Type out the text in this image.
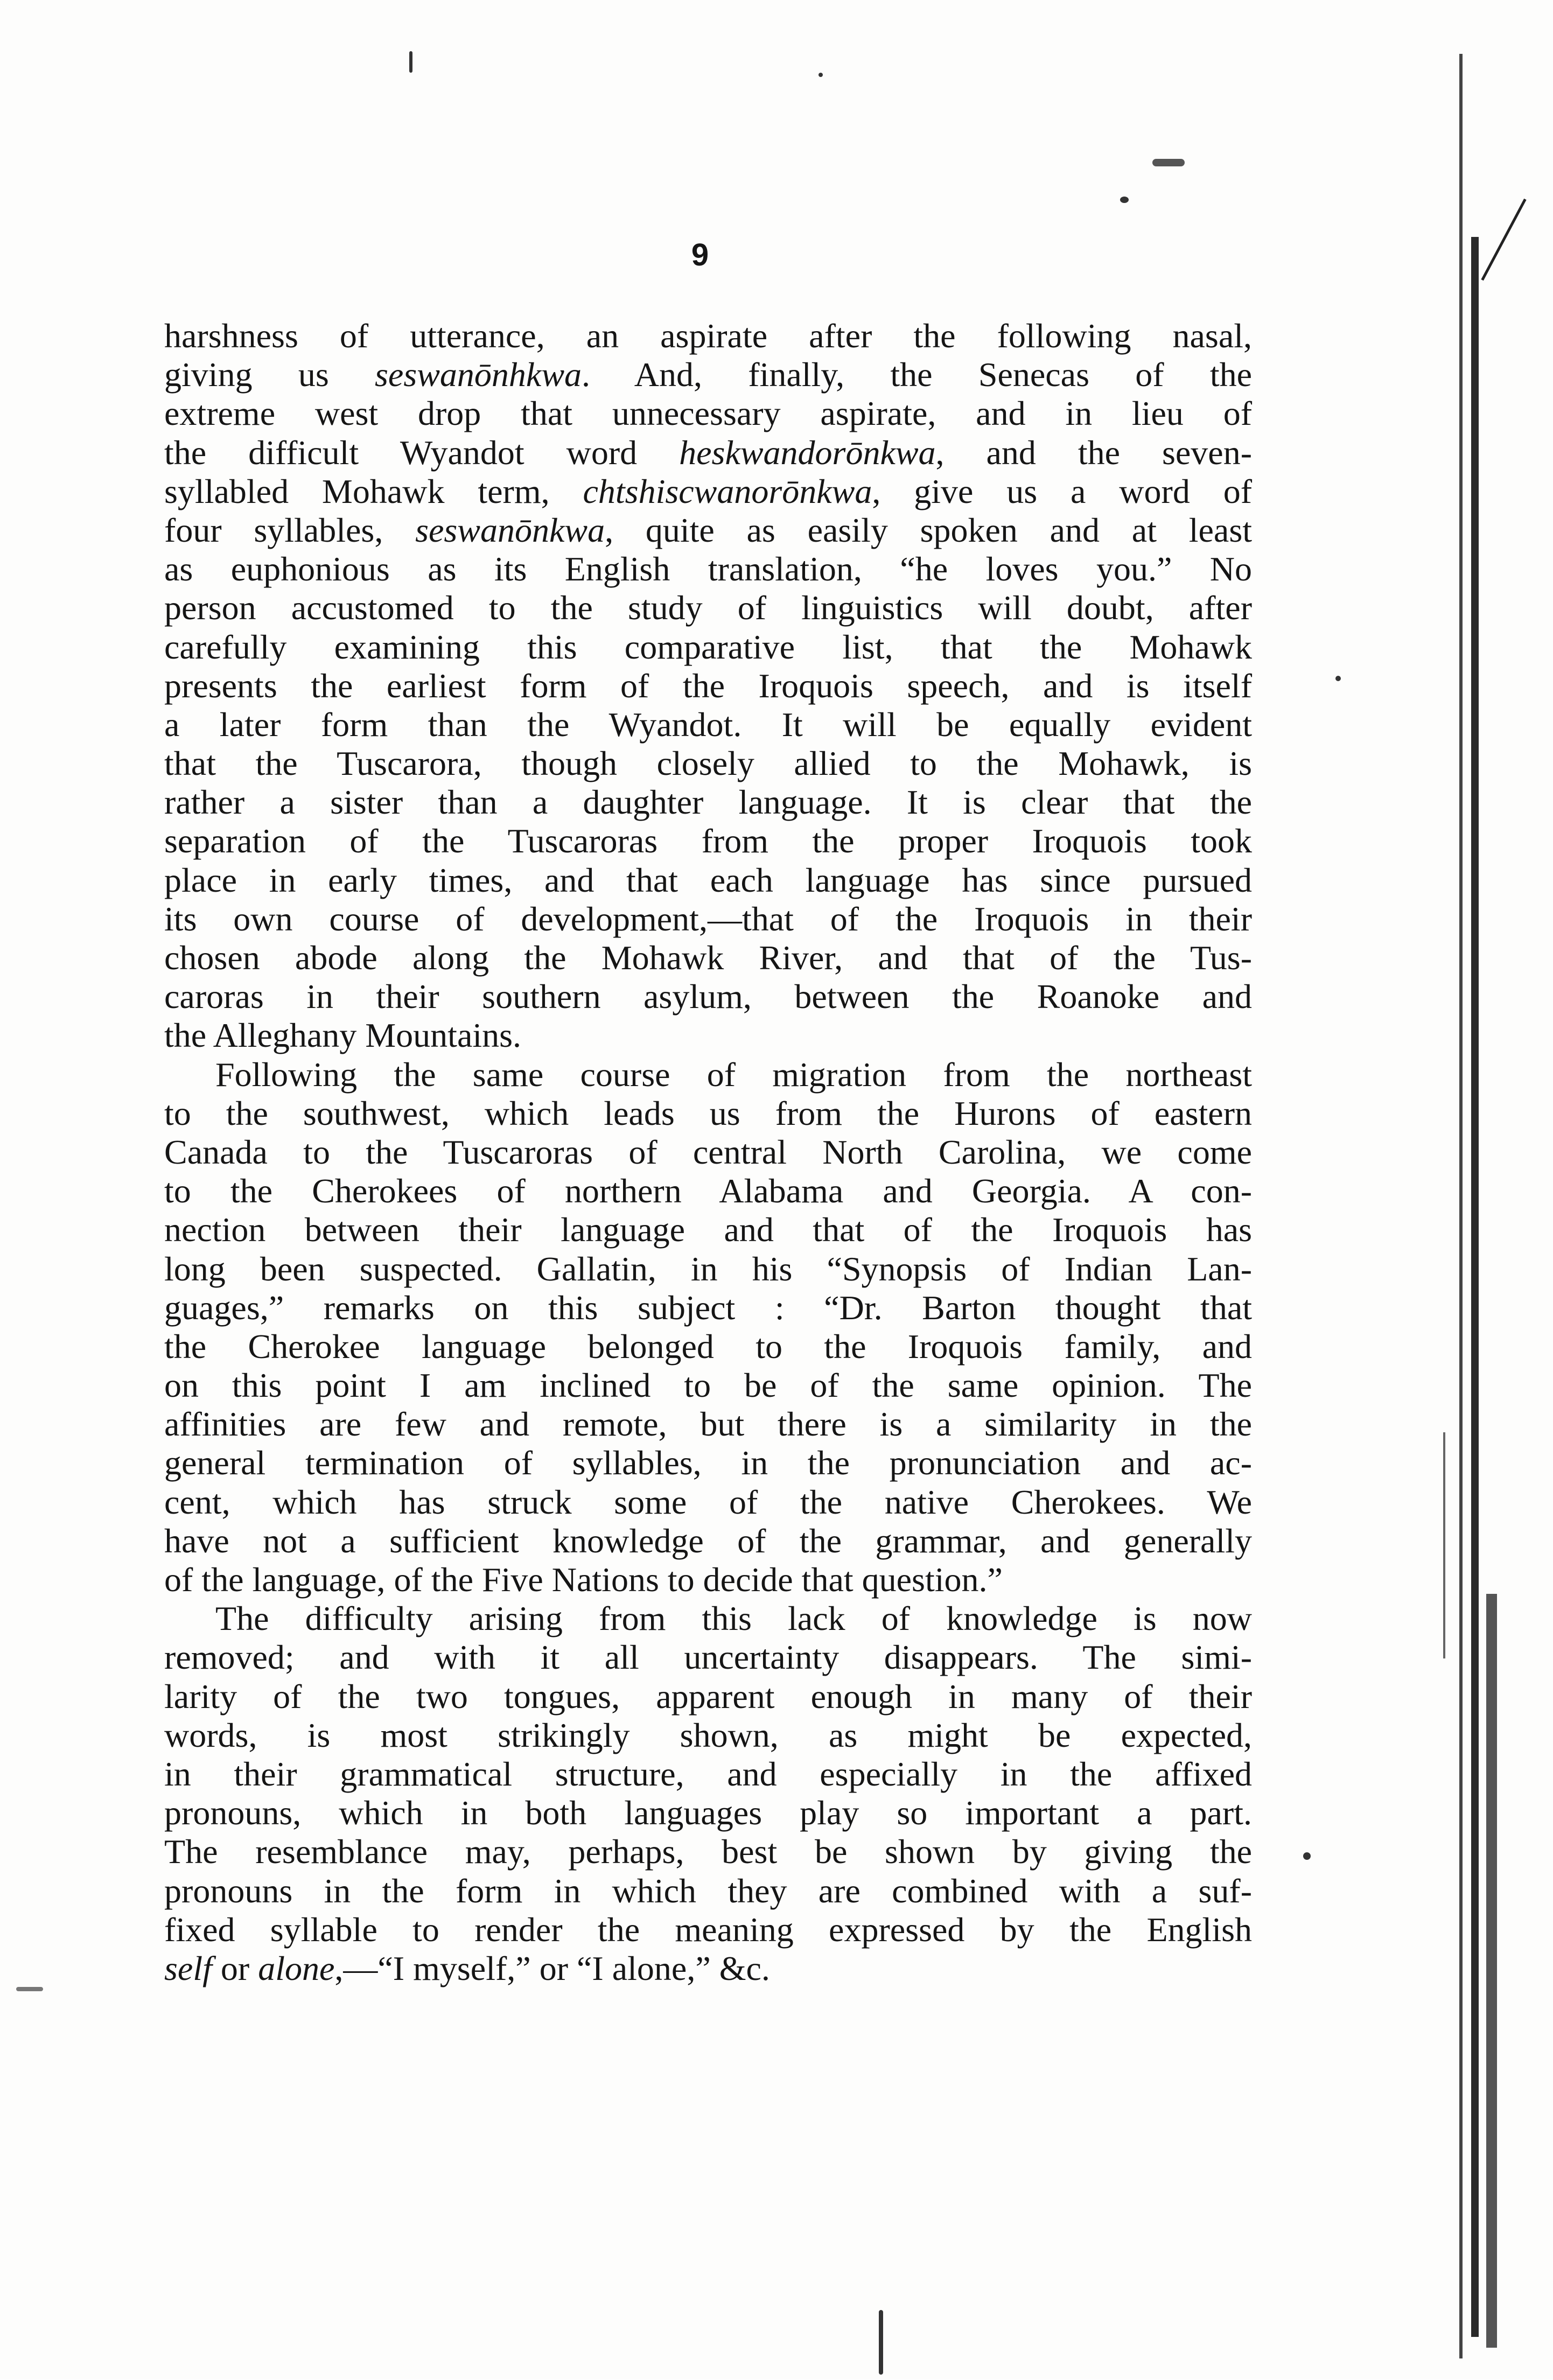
9
harshness of utterance, an aspirate after the following nasal,
giving us seswanōnhkwa. And, finally, the Senecas of the
extreme west drop that unnecessary aspirate, and in lieu of
the difficult Wyandot word heskwandorōnkwa, and the seven-
syllabled Mohawk term, chtshiscwanorōnkwa, give us a word of
four syllables, seswanōnkwa, quite as easily spoken and at least
as euphonious as its English translation, “he loves you.” No
person accustomed to the study of linguistics will doubt, after
carefully examining this comparative list, that the Mohawk
presents the earliest form of the Iroquois speech, and is itself
a later form than the Wyandot. It will be equally evident
that the Tuscarora, though closely allied to the Mohawk, is
rather a sister than a daughter language. It is clear that the
separation of the Tuscaroras from the proper Iroquois took
place in early times, and that each language has since pursued
its own course of development,—that of the Iroquois in their
chosen abode along the Mohawk River, and that of the Tus-
caroras in their southern asylum, between the Roanoke and
the Alleghany Mountains.
Following the same course of migration from the northeast
to the southwest, which leads us from the Hurons of eastern
Canada to the Tuscaroras of central North Carolina, we come
to the Cherokees of northern Alabama and Georgia. A con-
nection between their language and that of the Iroquois has
long been suspected. Gallatin, in his “Synopsis of Indian Lan-
guages,” remarks on this subject : “Dr. Barton thought that
the Cherokee language belonged to the Iroquois family, and
on this point I am inclined to be of the same opinion. The
affinities are few and remote, but there is a similarity in the
general termination of syllables, in the pronunciation and ac-
cent, which has struck some of the native Cherokees. We
have not a sufficient knowledge of the grammar, and generally
of the language, of the Five Nations to decide that question.”
The difficulty arising from this lack of knowledge is now
removed; and with it all uncertainty disappears. The simi-
larity of the two tongues, apparent enough in many of their
words, is most strikingly shown, as might be expected,
in their grammatical structure, and especially in the affixed
pronouns, which in both languages play so important a part.
The resemblance may, perhaps, best be shown by giving the
pronouns in the form in which they are combined with a suf-
fixed syllable to render the meaning expressed by the English
self or alone,—“I myself,” or “I alone,” &c.
